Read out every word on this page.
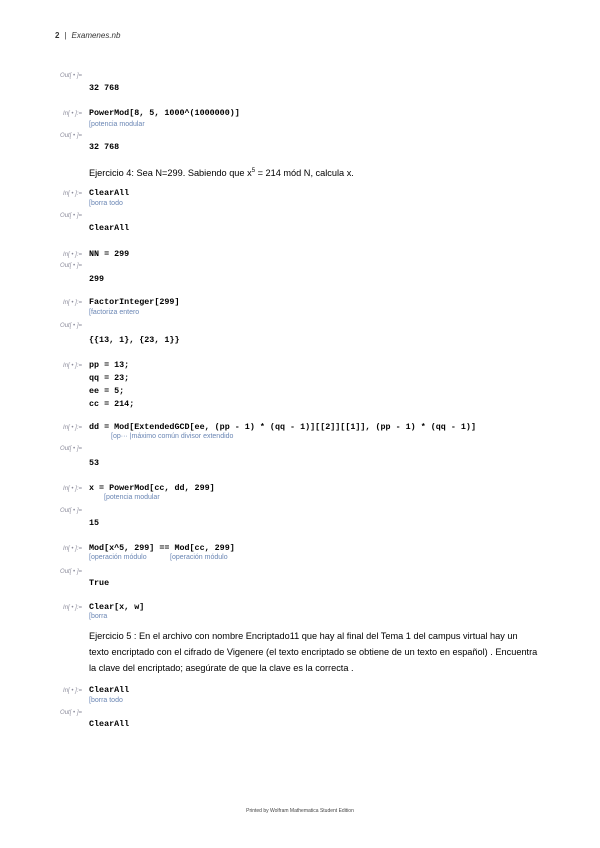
2 | Examenes.nb
Out[ • ]=
32 768
In[ • ]:= PowerMod[8, 5, 1000^(1000000)]
[ potencia modular
Out[ • ]=
32 768
Ejercicio 4: Sea N=299. Sabiendo que $x^5 = 214$ mód N, calcula x.
In[ • ]:= ClearAll
[ borra todo
Out[ • ]=
ClearAll
In[ • ]:= NN = 299
Out[ • ]=
299
In[ • ]:= FactorInteger[299]
[ factoriza entero
Out[ • ]=
{{13, 1}, {23, 1}}
In[ • ]:= pp = 13;
qq = 23;
ee = 5;
cc = 214;
In[ • ]:= dd = Mod[ExtendedGCD[ee, (pp - 1) * (qq - 1)][[2]][[1]], (pp - 1) * (qq - 1)]
[ op··· |máximo común divisor extendido
Out[ • ]=
53
In[ • ]:= x = PowerMod[cc, dd, 299]
[ potencia modular
Out[ • ]=
15
In[ • ]:= Mod[x^5, 299] == Mod[cc, 299]
[ operación módulo
[	operación módulo
Out[ • ]=
True
In[ • ]:= Clear[x, w]
[ borra
Ejercicio 5 : En el archivo con nombre Encriptado11 que hay al final del Tema 1 del campus virtual hay un texto encriptado con el cifrado de Vigenere (el texto encriptado se obtiene de un texto en español) . Encuentra la clave del encriptado; asegúrate de que la clave es la correcta .
In[ • ]:= ClearAll
[ borra todo
Out[ • ]=
ClearAll
Printed by Wolfram Mathematica Student Edition
